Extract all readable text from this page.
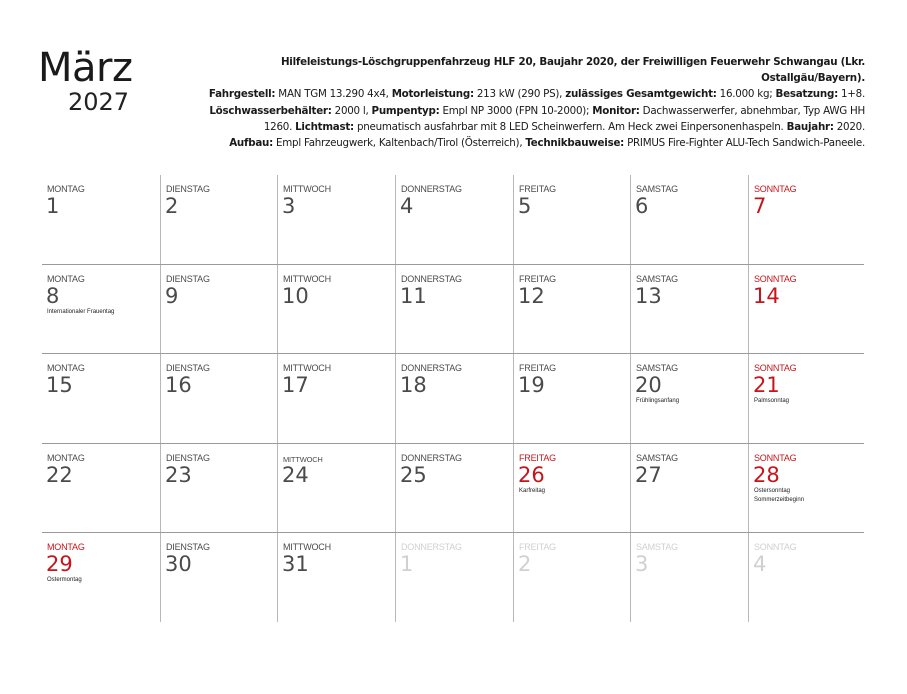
März
2027
Hilfeleistungs-Löschgruppenfahrzeug HLF 20, Baujahr 2020, der Freiwilligen Feuerwehr Schwangau (Lkr. Ostallgäu/Bayern).
Fahrgestell: MAN TGM 13.290 4x4, Motorleistung: 213 kW (290 PS), zulässiges Gesamtgewicht: 16.000 kg; Besatzung: 1+8.
Löschwasserbehälter: 2000 l, Pumpentyp: Empl NP 3000 (FPN 10-2000); Monitor: Dachwasserwerfer, abnehmbar, Typ AWG HH
1260. Lichtmast: pneumatisch ausfahrbar mit 8 LED Scheinwerfern. Am Heck zwei Einpersonenhaspeln. Baujahr: 2020.
Aufbau: Empl Fahrzeugwerk, Kaltenbach/Tirol (Österreich), Technikbauweise: PRIMUS Fire-Fighter ALU-Tech Sandwich-Paneele.
MONTAG
1
DIENSTAG
2
MITTWOCH
3
DONNERSTAG
4
FREITAG
5
SAMSTAG
6
SONNTAG
7
MONTAG
8
Internationaler Frauentag
DIENSTAG
9
MITTWOCH
10
DONNERSTAG
11
FREITAG
12
SAMSTAG
13
SONNTAG
14
MONTAG
15
DIENSTAG
16
MITTWOCH
17
DONNERSTAG
18
FREITAG
19
SAMSTAG
20
Frühlingsanfang
SONNTAG
21
Palmsonntag
MONTAG
22
DIENSTAG
23
MITTWOCH
24
DONNERSTAG
25
FREITAG
26
Karfreitag
SAMSTAG
27
SONNTAG
28
Ostersonntag
Sommerzeitbeginn
MONTAG
29
Ostermontag
DIENSTAG
30
MITTWOCH
31
DONNERSTAG
1
FREITAG
2
SAMSTAG
3
SONNTAG
4
